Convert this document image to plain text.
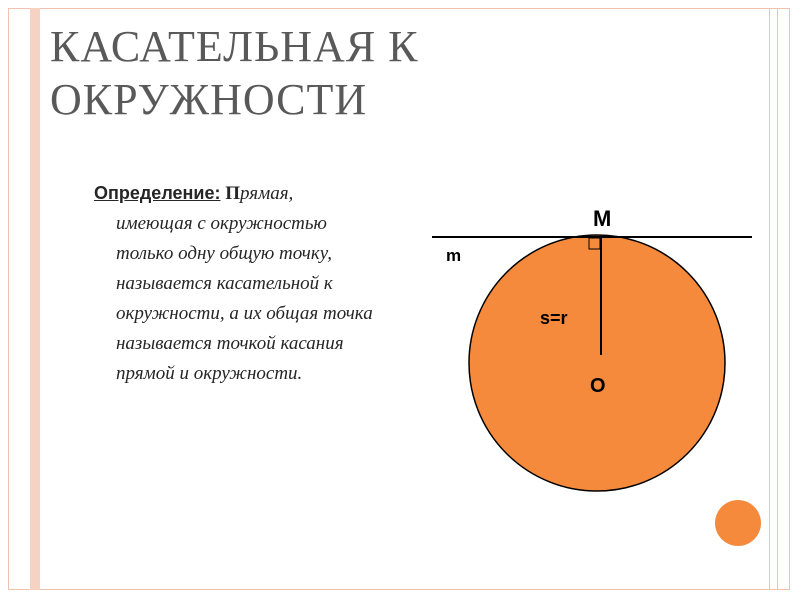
КАСАТЕЛЬНАЯ К ОКРУЖНОСТИ

Определение: Прямая,
имеющая с окружностью только одну общую точку, называется касательной к окружности, а их общая точка называется точкой касания прямой и окружности.

M
m
s=r
O
